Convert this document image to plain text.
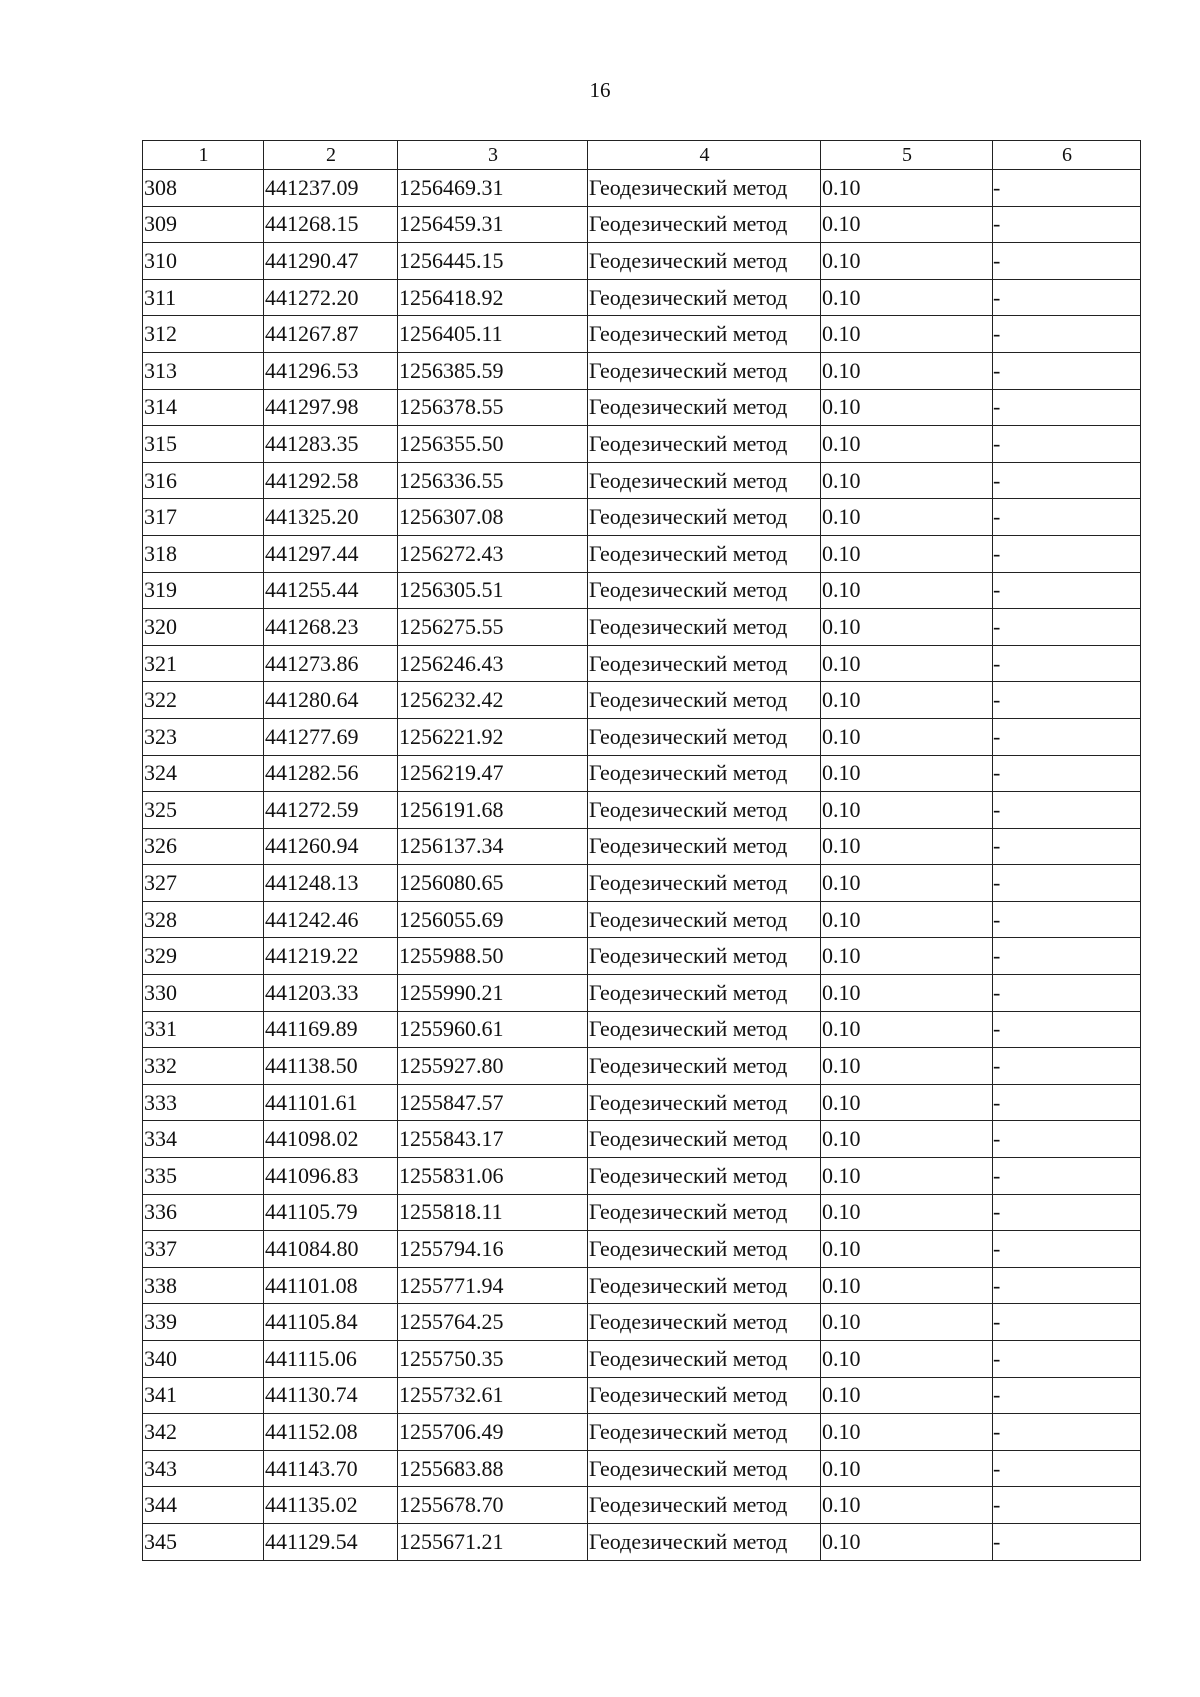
16
1	2	3	4	5	6
308	441237.09	1256469.31	Геодезический метод	0.10	-
309	441268.15	1256459.31	Геодезический метод	0.10	-
310	441290.47	1256445.15	Геодезический метод	0.10	-
311	441272.20	1256418.92	Геодезический метод	0.10	-
312	441267.87	1256405.11	Геодезический метод	0.10	-
313	441296.53	1256385.59	Геодезический метод	0.10	-
314	441297.98	1256378.55	Геодезический метод	0.10	-
315	441283.35	1256355.50	Геодезический метод	0.10	-
316	441292.58	1256336.55	Геодезический метод	0.10	-
317	441325.20	1256307.08	Геодезический метод	0.10	-
318	441297.44	1256272.43	Геодезический метод	0.10	-
319	441255.44	1256305.51	Геодезический метод	0.10	-
320	441268.23	1256275.55	Геодезический метод	0.10	-
321	441273.86	1256246.43	Геодезический метод	0.10	-
322	441280.64	1256232.42	Геодезический метод	0.10	-
323	441277.69	1256221.92	Геодезический метод	0.10	-
324	441282.56	1256219.47	Геодезический метод	0.10	-
325	441272.59	1256191.68	Геодезический метод	0.10	-
326	441260.94	1256137.34	Геодезический метод	0.10	-
327	441248.13	1256080.65	Геодезический метод	0.10	-
328	441242.46	1256055.69	Геодезический метод	0.10	-
329	441219.22	1255988.50	Геодезический метод	0.10	-
330	441203.33	1255990.21	Геодезический метод	0.10	-
331	441169.89	1255960.61	Геодезический метод	0.10	-
332	441138.50	1255927.80	Геодезический метод	0.10	-
333	441101.61	1255847.57	Геодезический метод	0.10	-
334	441098.02	1255843.17	Геодезический метод	0.10	-
335	441096.83	1255831.06	Геодезический метод	0.10	-
336	441105.79	1255818.11	Геодезический метод	0.10	-
337	441084.80	1255794.16	Геодезический метод	0.10	-
338	441101.08	1255771.94	Геодезический метод	0.10	-
339	441105.84	1255764.25	Геодезический метод	0.10	-
340	441115.06	1255750.35	Геодезический метод	0.10	-
341	441130.74	1255732.61	Геодезический метод	0.10	-
342	441152.08	1255706.49	Геодезический метод	0.10	-
343	441143.70	1255683.88	Геодезический метод	0.10	-
344	441135.02	1255678.70	Геодезический метод	0.10	-
345	441129.54	1255671.21	Геодезический метод	0.10	-
